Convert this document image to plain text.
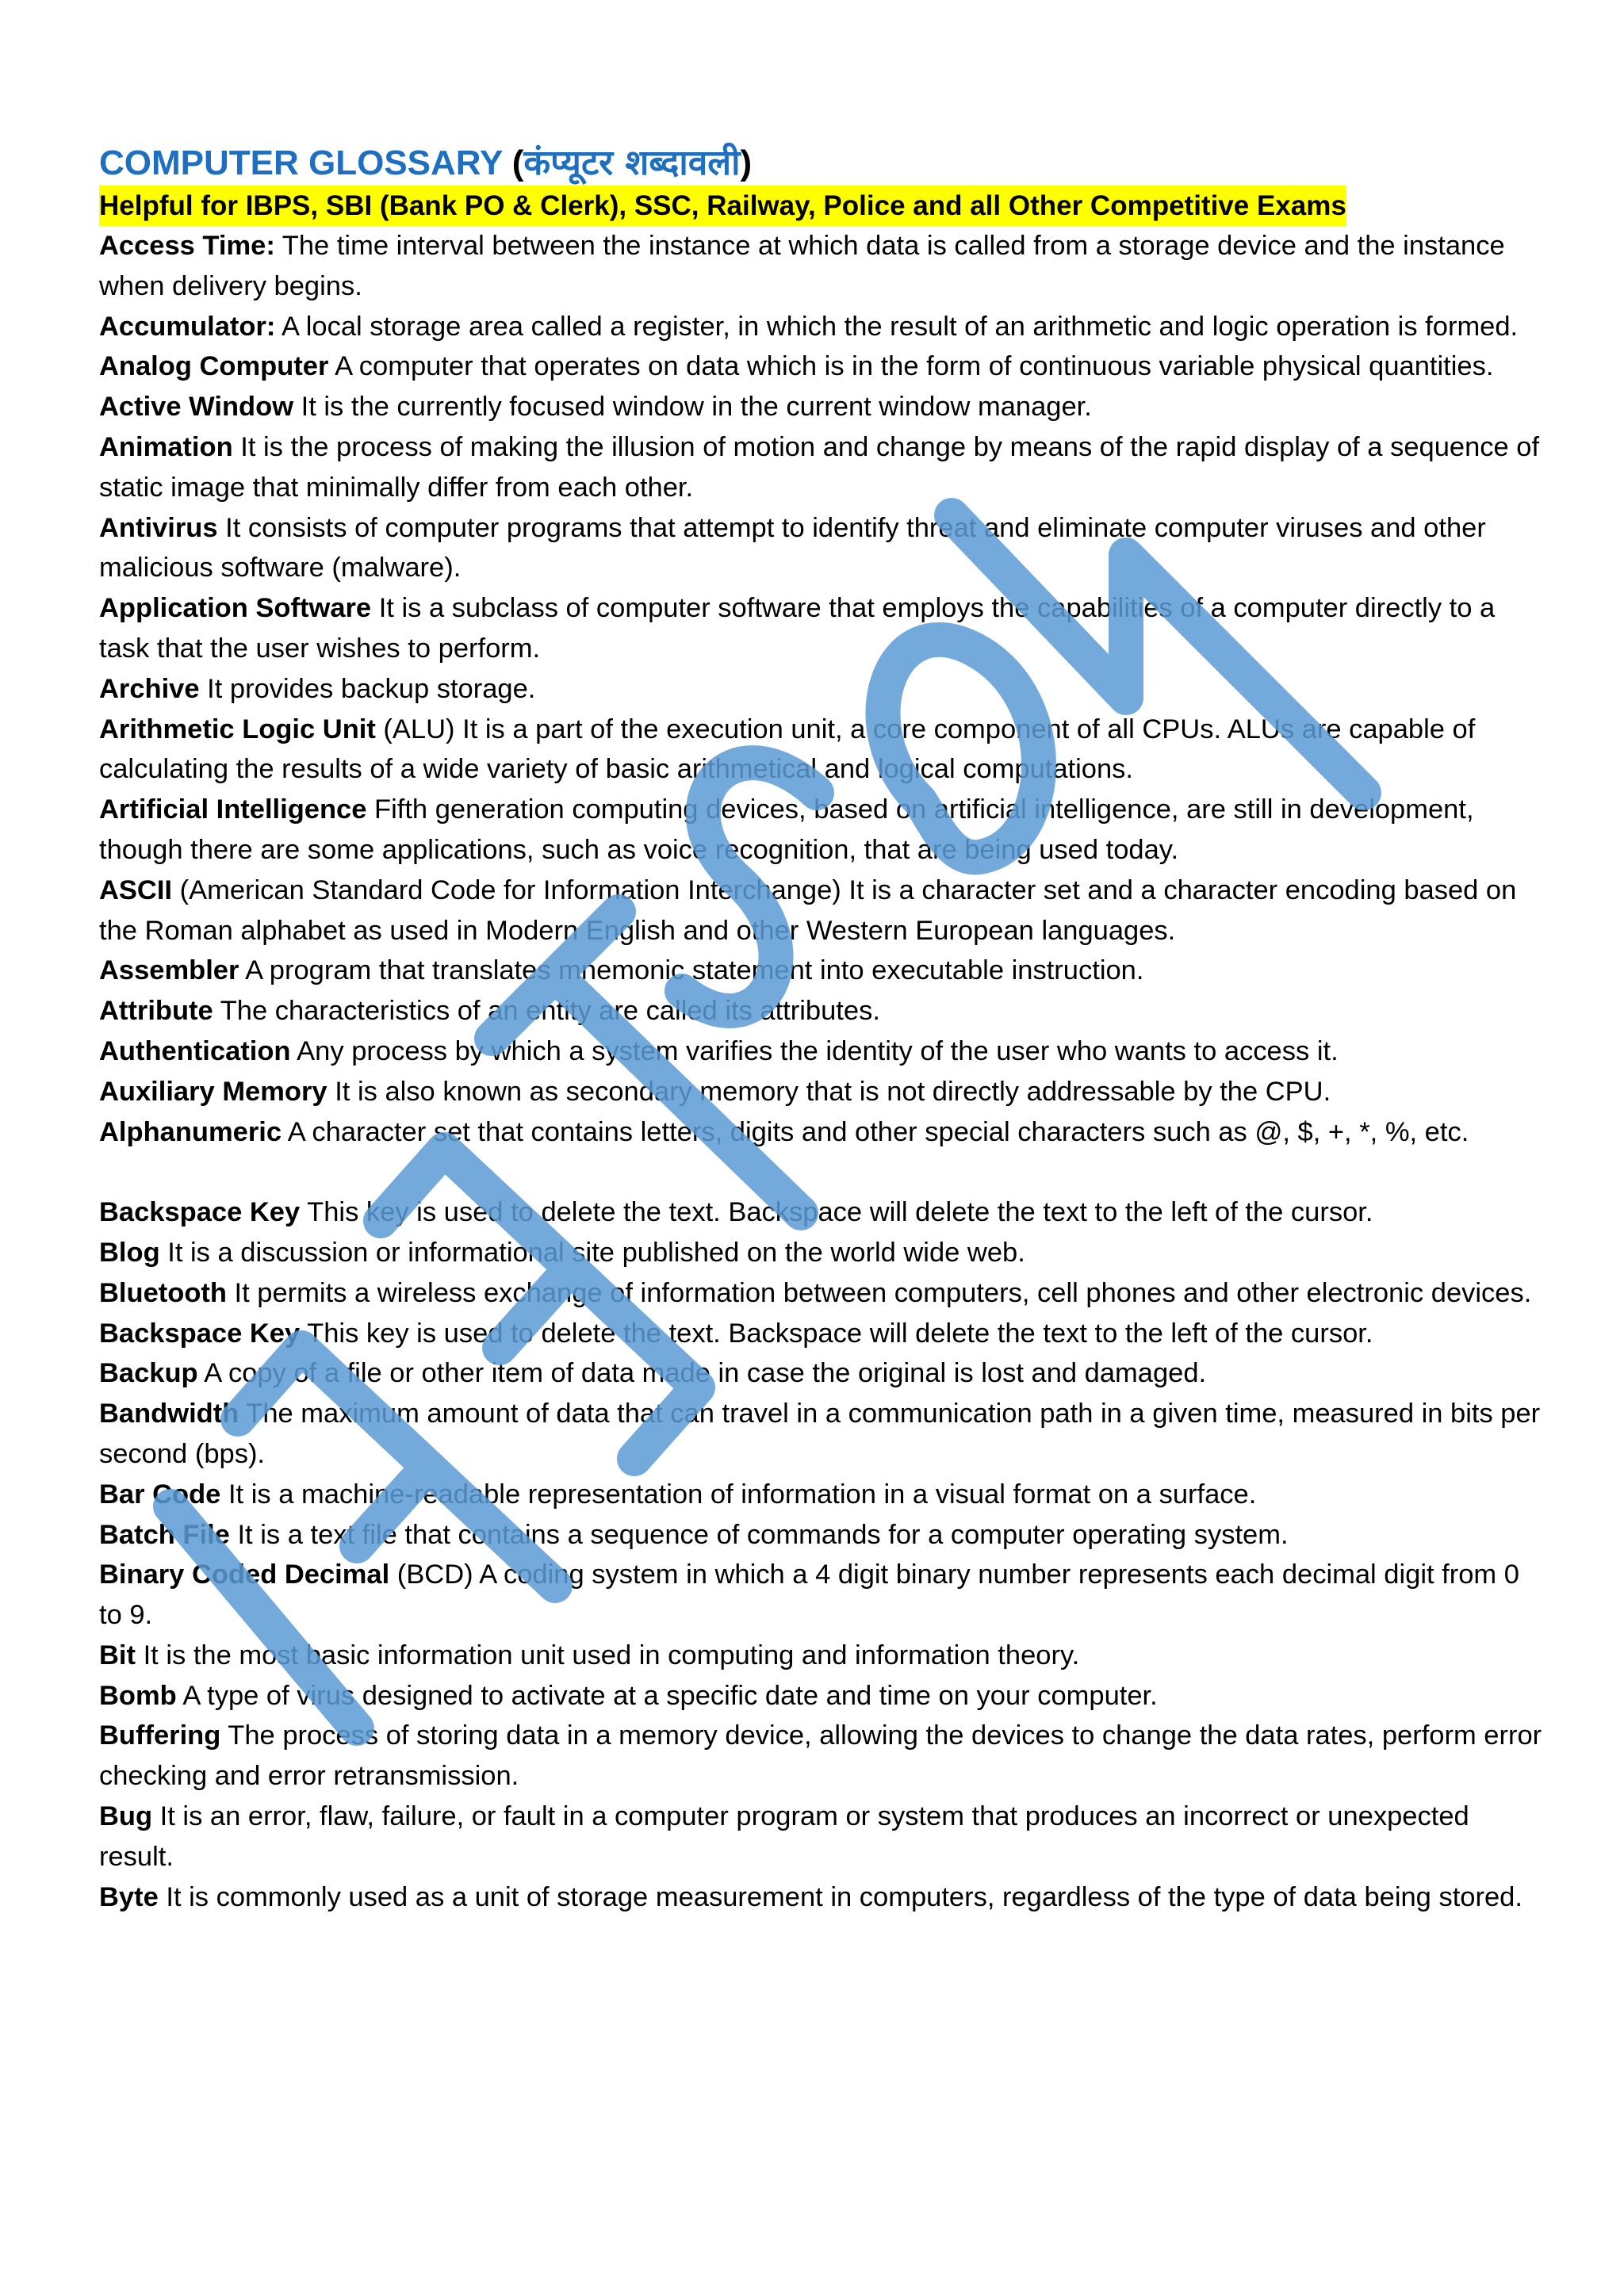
COMPUTER GLOSSARY (कंप्यूटर शब्दावली)
Helpful for IBPS, SBI (Bank PO & Clerk), SSC, Railway, Police and all Other Competitive Exams

Access Time: The time interval between the instance at which data is called from a storage device and the instance when delivery begins.

Accumulator: A local storage area called a register, in which the result of an arithmetic and logic operation is formed.

Analog Computer A computer that operates on data which is in the form of continuous variable physical quantities.

Active Window It is the currently focused window in the current window manager.

Animation It is the process of making the illusion of motion and change by means of the rapid display of a sequence of static image that minimally differ from each other.

Antivirus It consists of computer programs that attempt to identify threat and eliminate computer viruses and other malicious software (malware).

Application Software It is a subclass of computer software that employs the capabilities of a computer directly to a task that the user wishes to perform.

Archive It provides backup storage.

Arithmetic Logic Unit (ALU) It is a part of the execution unit, a core component of all CPUs. ALUs are capable of calculating the results of a wide variety of basic arithmetical and logical computations.

Artificial Intelligence Fifth generation computing devices, based on artificial intelligence, are still in development, though there are some applications, such as voice recognition, that are being used today.

ASCII (American Standard Code for Information Interchange) It is a character set and a character encoding based on the Roman alphabet as used in Modern English and other Western European languages.

Assembler A program that translates mnemonic statement into executable instruction.

Attribute The characteristics of an entity are called its attributes.

Authentication Any process by which a system varifies the identity of the user who wants to access it.

Auxiliary Memory It is also known as secondary memory that is not directly addressable by the CPU.

Alphanumeric A character set that contains letters, digits and other special characters such as @, $, +, *, %, etc.

Backspace Key This key is used to delete the text. Backspace will delete the text to the left of the cursor.

Blog It is a discussion or informational site published on the world wide web.

Bluetooth It permits a wireless exchange of information between computers, cell phones and other electronic devices.

Backspace Key This key is used to delete the text. Backspace will delete the text to the left of the cursor.

Backup A copy of a file or other item of data made in case the original is lost and damaged.

Bandwidth The maximum amount of data that can travel in a communication path in a given time, measured in bits per second (bps).

Bar Code It is a machine-readable representation of information in a visual format on a surface.

Batch File It is a text file that contains a sequence of commands for a computer operating system.

Binary Coded Decimal (BCD) A coding system in which a 4 digit binary number represents each decimal digit from 0 to 9.

Bit It is the most basic information unit used in computing and information theory.

Bomb A type of virus designed to activate at a specific date and time on your computer.

Buffering The process of storing data in a memory device, allowing the devices to change the data rates, perform error checking and error retransmission.

Bug It is an error, flaw, failure, or fault in a computer program or system that produces an incorrect or unexpected result.

Byte It is commonly used as a unit of storage measurement in computers, regardless of the type of data being stored.
